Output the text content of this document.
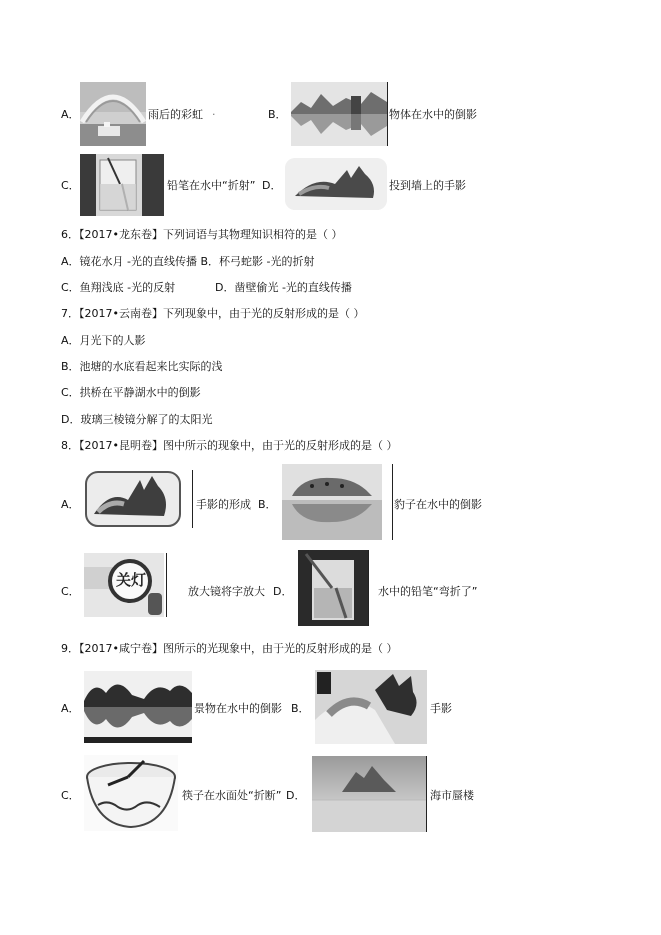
A．	雨后的彩虹 ·	B．	物体在水中的倒影
C．	铅笔在水中“折射” D．	投到墙上的手影
6．【2017•龙东卷】下列词语与其物理知识相符的是（ ）
A．镜花水月 -光的直线传播 B．杯弓蛇影 -光的折射
C．鱼翔浅底 -光的反射	D．凿壁偷光 -光的直线传播
7．【2017•云南卷】下列现象中，由于光的反射形成的是（ ）
A．月光下的人影
B．池塘的水底看起来比实际的浅
C．拱桥在平静湖水中的倒影
D．玻璃三棱镜分解了的太阳光
8．【2017•昆明卷】图中所示的现象中，由于光的反射形成的是（ ）
A．	手影的形成 B．	豹子在水中的倒影
C．
关灯
放大镜将字放大 D．	水中的铅笔“弯折了”
9．【2017•咸宁卷】图所示的光现象中，由于光的反射形成的是（ ）
A．	景物在水中的倒影 B．	手影
C．	筷子在水面处“折断” D．	海市蜃楼
